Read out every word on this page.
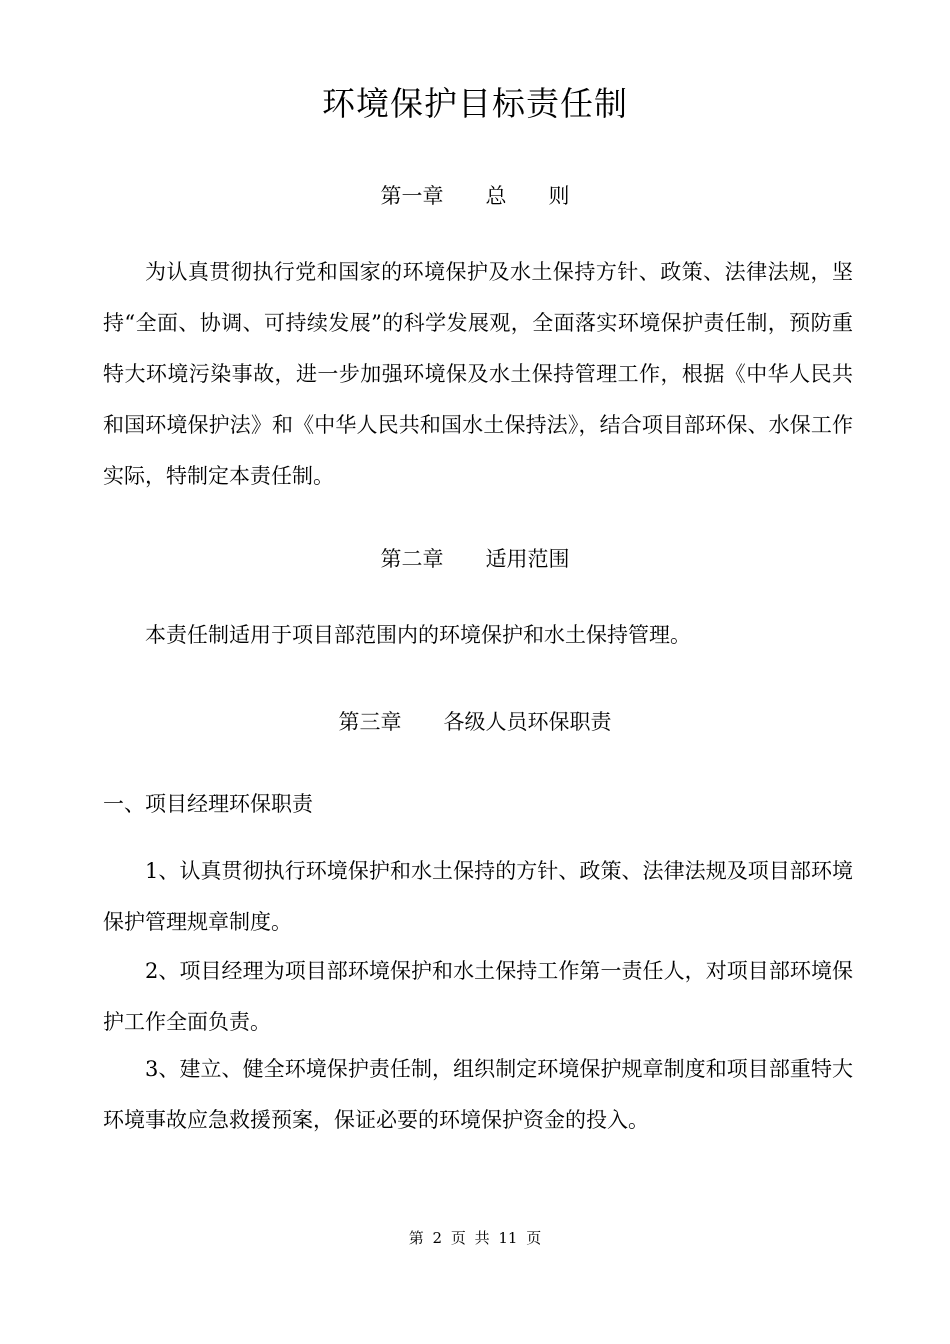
环境保护目标责任制
第一章　　总　　则

为认真贯彻执行党和国家的环境保护及水土保持方针、政策、法律法规，坚持“全面、协调、可持续发展”的科学发展观，全面落实环境保护责任制，预防重特大环境污染事故，进一步加强环境保及水土保持管理工作，根据《中华人民共和国环境保护法》和《中华人民共和国水土保持法》，结合项目部环保、水保工作实际，特制定本责任制。

第二章　　适用范围

本责任制适用于项目部范围内的环境保护和水土保持管理。

第三章　　各级人员环保职责
一、项目经理环保职责

1、认真贯彻执行环境保护和水土保持的方针、政策、法律法规及项目部环境保护管理规章制度。

2、项目经理为项目部环境保护和水土保持工作第一责任人，对项目部环境保护工作全面负责。

3、建立、健全环境保护责任制，组织制定环境保护规章制度和项目部重特大环境事故应急救援预案，保证必要的环境保护资金的投入。

第 2 页 共 11 页
